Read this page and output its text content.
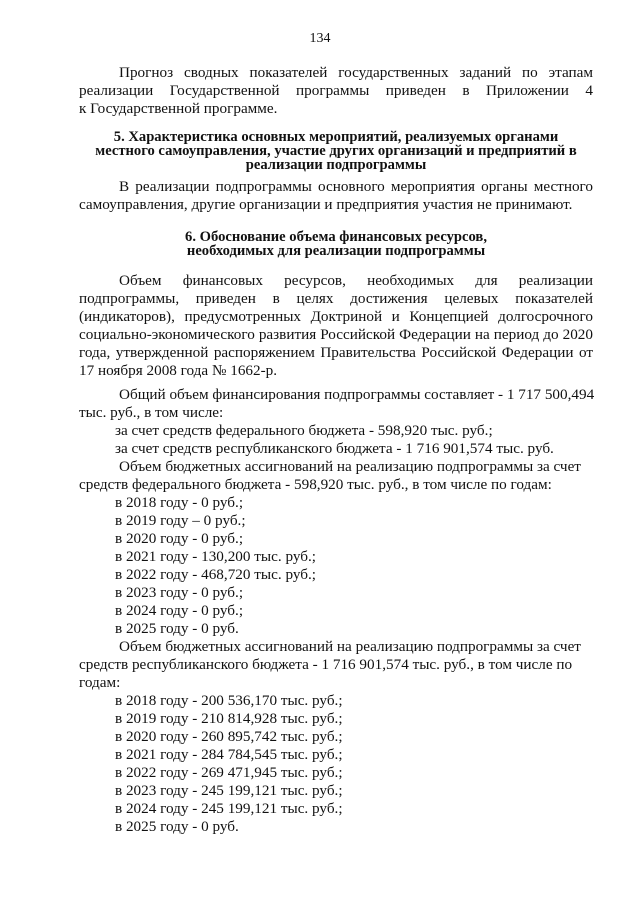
134
Прогноз сводных показателей государственных заданий по этапам
реализации Государственной программы приведен в Приложении 4
к Государственной программе.
5. Характеристика основных мероприятий, реализуемых органами
местного самоуправления, участие других организаций и предприятий в
реализации подпрограммы
В реализации подпрограммы основного мероприятия органы местного
самоуправления, другие организации и предприятия участия не принимают.
6. Обоснование объема финансовых ресурсов,
необходимых для реализации подпрограммы
Объем финансовых ресурсов, необходимых для реализации
подпрограммы, приведен в целях достижения целевых показателей
(индикаторов), предусмотренных Доктриной и Концепцией долгосрочного
социально-экономического развития Российской Федерации на период до 2020
года, утвержденной распоряжением Правительства Российской Федерации от
17 ноября 2008 года № 1662-р.
Общий объем финансирования подпрограммы составляет - 1 717 500,494
тыс. руб., в том числе:
за счет средств федерального бюджета - 598,920 тыс. руб.;
за счет средств республиканского бюджета - 1 716 901,574 тыс. руб.
Объем бюджетных ассигнований на реализацию подпрограммы за счет
средств федерального бюджета - 598,920 тыс. руб., в том числе по годам:
в 2018 году - 0 руб.;
в 2019 году – 0 руб.;
в 2020 году - 0 руб.;
в 2021 году - 130,200 тыс. руб.;
в 2022 году - 468,720 тыс. руб.;
в 2023 году - 0 руб.;
в 2024 году - 0 руб.;
в 2025 году - 0 руб.
Объем бюджетных ассигнований на реализацию подпрограммы за счет
средств республиканского бюджета - 1 716 901,574 тыс. руб., в том числе по
годам:
в 2018 году - 200 536,170 тыс. руб.;
в 2019 году - 210 814,928 тыс. руб.;
в 2020 году - 260 895,742 тыс. руб.;
в 2021 году - 284 784,545 тыс. руб.;
в 2022 году - 269 471,945 тыс. руб.;
в 2023 году - 245 199,121 тыс. руб.;
в 2024 году - 245 199,121 тыс. руб.;
в 2025 году - 0 руб.
